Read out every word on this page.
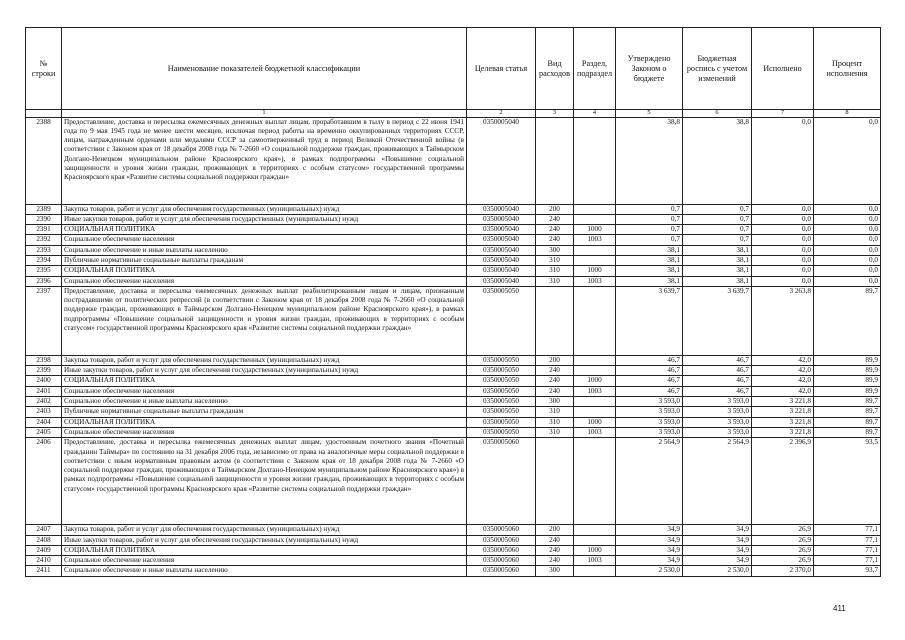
№ строки	Наименование показателей бюджетной классификации	Целевая статья	Вид расходов	Раздел, подраздел	Утверждено Законом о бюджете	Бюджетная роспись с учетом изменений	Исполнено	Процент исполнения
	1	2	3	4	5	6	7	8
2388	Предоставление, доставка и пересылка ежемесячных денежных выплат лицам, проработавшим в тылу в период с 22 июня 1941 года по 9 мая 1945 года не менее шести месяцев, исключая период работы на временно оккупированных территориях СССР, лицам, награжденным орденами или медалями СССР за самоотверженный труд в период Великой Отечественной войны (в соответствии с Законом края от 18 декабря 2008 года № 7-2660 «О социальной поддержке граждан, проживающих в Таймырском Долгано-Ненецком муниципальном районе Красноярского края»), в рамках подпрограммы «Повышение социальной защищенности и уровня жизни граждан, проживающих в территориях с особым статусом» государственной программы Красноярского края «Развитие системы социальной поддержки граждан»	0350005040			38,8	38,8	0,0	0,0
2389	Закупка товаров, работ и услуг для обеспечения государственных (муниципальных) нужд	0350005040	200		0,7	0,7	0,0	0,0
2390	Иные закупки товаров, работ и услуг для обеспечения государственных (муниципальных) нужд	0350005040	240		0,7	0,7	0,0	0,0
2391	СОЦИАЛЬНАЯ ПОЛИТИКА	0350005040	240	1000	0,7	0,7	0,0	0,0
2392	Социальное обеспечение населения	0350005040	240	1003	0,7	0,7	0,0	0,0
2393	Социальное обеспечение и иные выплаты населению	0350005040	300		38,1	38,1	0,0	0,0
2394	Публичные нормативные социальные выплаты гражданам	0350005040	310		38,1	38,1	0,0	0,0
2395	СОЦИАЛЬНАЯ ПОЛИТИКА	0350005040	310	1000	38,1	38,1	0,0	0,0
2396	Социальное обеспечение населения	0350005040	310	1003	38,1	38,1	0,0	0,0
2397	Предоставление, доставка и пересылка ежемесячных денежных выплат реабилитированным лицам и лицам, признанным пострадавшими от политических репрессий (в соответствии с Законом края от 18 декабря 2008 года № 7-2660 «О социальной поддержке граждан, проживающих в Таймырском Долгано-Ненецком муниципальном районе Красноярского края»), в рамках подпрограммы «Повышение социальной защищенности и уровня жизни граждан, проживающих в территориях с особым статусом» государственной программы Красноярского края «Развитие системы социальной поддержки граждан»	0350005050			3 639,7	3 639,7	3 263,8	89,7
2398	Закупка товаров, работ и услуг для обеспечения государственных (муниципальных) нужд	0350005050	200		46,7	46,7	42,0	89,9
2399	Иные закупки товаров, работ и услуг для обеспечения государственных (муниципальных) нужд	0350005050	240		46,7	46,7	42,0	89,9
2400	СОЦИАЛЬНАЯ ПОЛИТИКА	0350005050	240	1000	46,7	46,7	42,0	89,9
2401	Социальное обеспечение населения	0350005050	240	1003	46,7	46,7	42,0	89,9
2402	Социальное обеспечение и иные выплаты населению	0350005050	300		3 593,0	3 593,0	3 221,8	89,7
2403	Публичные нормативные социальные выплаты гражданам	0350005050	310		3 593,0	3 593,0	3 221,8	89,7
2404	СОЦИАЛЬНАЯ ПОЛИТИКА	0350005050	310	1000	3 593,0	3 593,0	3 221,8	89,7
2405	Социальное обеспечение населения	0350005050	310	1003	3 593,0	3 593,0	3 221,8	89,7
2406	Предоставление, доставка и пересылка ежемесячных денежных выплат лицам, удостоенным почетного звания «Почетный гражданин Таймыра» по состоянию на 31 декабря 2006 года, независимо от права на аналогичные меры социальной поддержки в соответствии с иным нормативным правовым актом (в соответствии с Законом края от 18 декабря 2008 года № 7-2660 «О социальной поддержке граждан, проживающих в Таймырском Долгано-Ненецком муниципальном районе Красноярского края») в рамках подпрограммы «Повышение социальной защищенности и уровня жизни граждан, проживающих в территориях с особым статусом» государственной программы Красноярского края «Развитие системы социальной поддержки граждан»	0350005060			2 564,9	2 564,9	2 396,9	93,5
2407	Закупка товаров, работ и услуг для обеспечения государственных (муниципальных) нужд	0350005060	200		34,9	34,9	26,9	77,1
2408	Иные закупки товаров, работ и услуг для обеспечения государственных (муниципальных) нужд	0350005060	240		34,9	34,9	26,9	77,1
2409	СОЦИАЛЬНАЯ ПОЛИТИКА	0350005060	240	1000	34,9	34,9	26,9	77,1
2410	Социальное обеспечение населения	0350005060	240	1003	34,9	34,9	26,9	77,1
2411	Социальное обеспечение и иные выплаты населению	0350005060	300		2 530,0	2 530,0	2 370,0	93,7
411
